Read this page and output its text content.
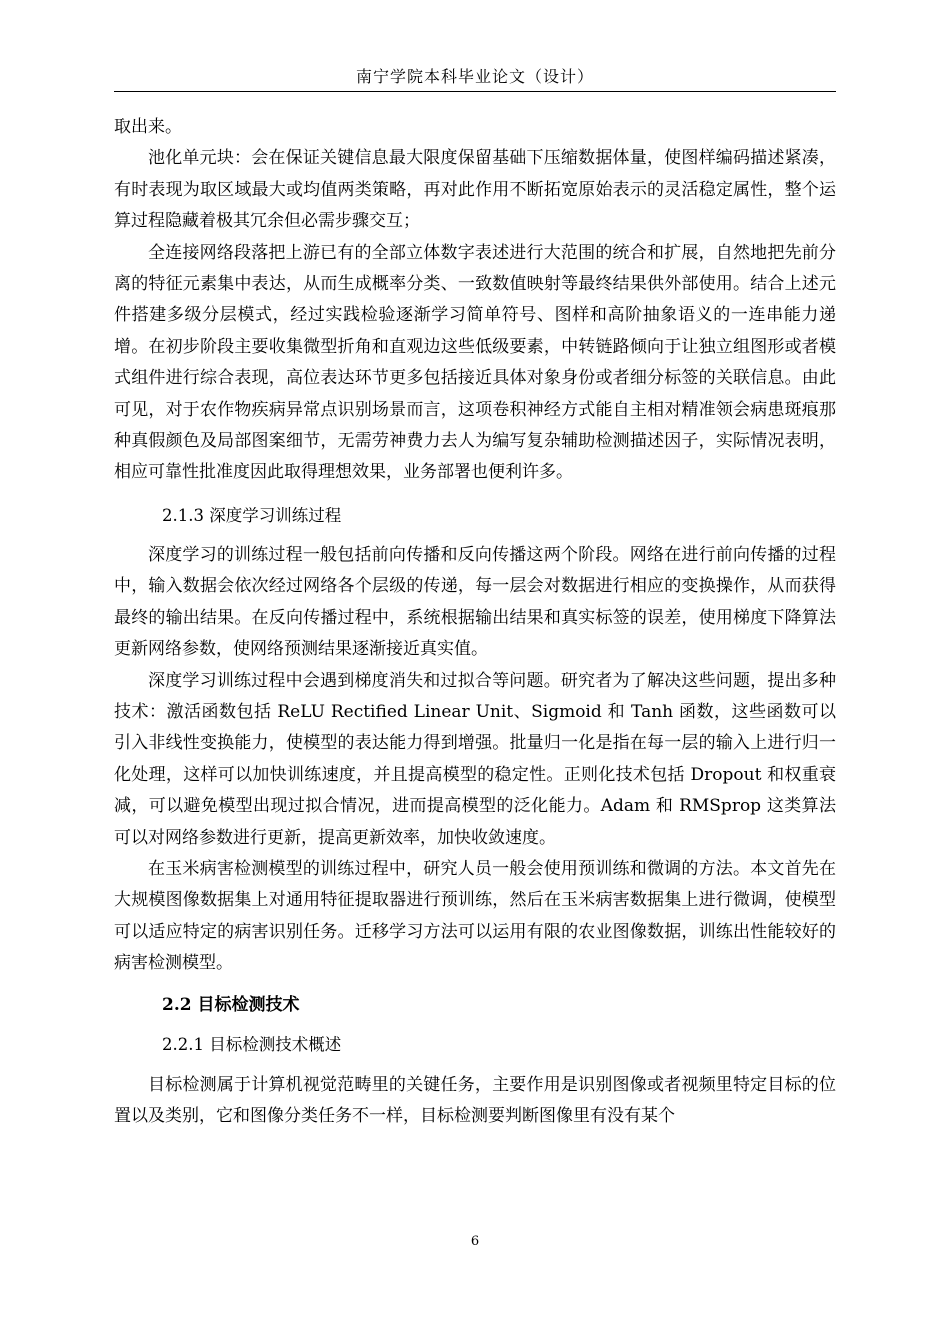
南宁学院本科毕业论文（设计）

取出来。

池化单元块：会在保证关键信息最大限度保留基础下压缩数据体量，使图样编码描述紧凑，有时表现为取区域最大或均值两类策略，再对此作用不断拓宽原始表示的灵活稳定属性，整个运算过程隐藏着极其冗余但必需步骤交互；

全连接网络段落把上游已有的全部立体数字表述进行大范围的统合和扩展，自然地把先前分离的特征元素集中表达，从而生成概率分类、一致数值映射等最终结果供外部使用。结合上述元件搭建多级分层模式，经过实践检验逐渐学习简单符号、图样和高阶抽象语义的一连串能力递增。在初步阶段主要收集微型折角和直观边这些低级要素，中转链路倾向于让独立组图形或者模式组件进行综合表现，高位表达环节更多包括接近具体对象身份或者细分标签的关联信息。由此可见，对于农作物疾病异常点识别场景而言，这项卷积神经方式能自主相对精准领会病患斑痕那种真假颜色及局部图案细节，无需劳神费力去人为编写复杂辅助检测描述因子，实际情况表明，相应可靠性批准度因此取得理想效果，业务部署也便利许多。

2.1.3 深度学习训练过程

深度学习的训练过程一般包括前向传播和反向传播这两个阶段。网络在进行前向传播的过程中，输入数据会依次经过网络各个层级的传递，每一层会对数据进行相应的变换操作，从而获得最终的输出结果。在反向传播过程中，系统根据输出结果和真实标签的误差，使用梯度下降算法更新网络参数，使网络预测结果逐渐接近真实值。

深度学习训练过程中会遇到梯度消失和过拟合等问题。研究者为了解决这些问题，提出多种技术：激活函数包括 ReLU Rectified Linear Unit、Sigmoid 和 Tanh 函数，这些函数可以引入非线性变换能力，使模型的表达能力得到增强。批量归一化是指在每一层的输入上进行归一化处理，这样可以加快训练速度，并且提高模型的稳定性。正则化技术包括 Dropout 和权重衰减，可以避免模型出现过拟合情况，进而提高模型的泛化能力。Adam 和 RMSprop 这类算法可以对网络参数进行更新，提高更新效率，加快收敛速度。

在玉米病害检测模型的训练过程中，研究人员一般会使用预训练和微调的方法。本文首先在大规模图像数据集上对通用特征提取器进行预训练，然后在玉米病害数据集上进行微调，使模型可以适应特定的病害识别任务。迁移学习方法可以运用有限的农业图像数据，训练出性能较好的病害检测模型。

2.2 目标检测技术
2.2.1 目标检测技术概述

目标检测属于计算机视觉范畴里的关键任务，主要作用是识别图像或者视频里特定目标的位置以及类别，它和图像分类任务不一样，目标检测要判断图像里有没有某个

6
